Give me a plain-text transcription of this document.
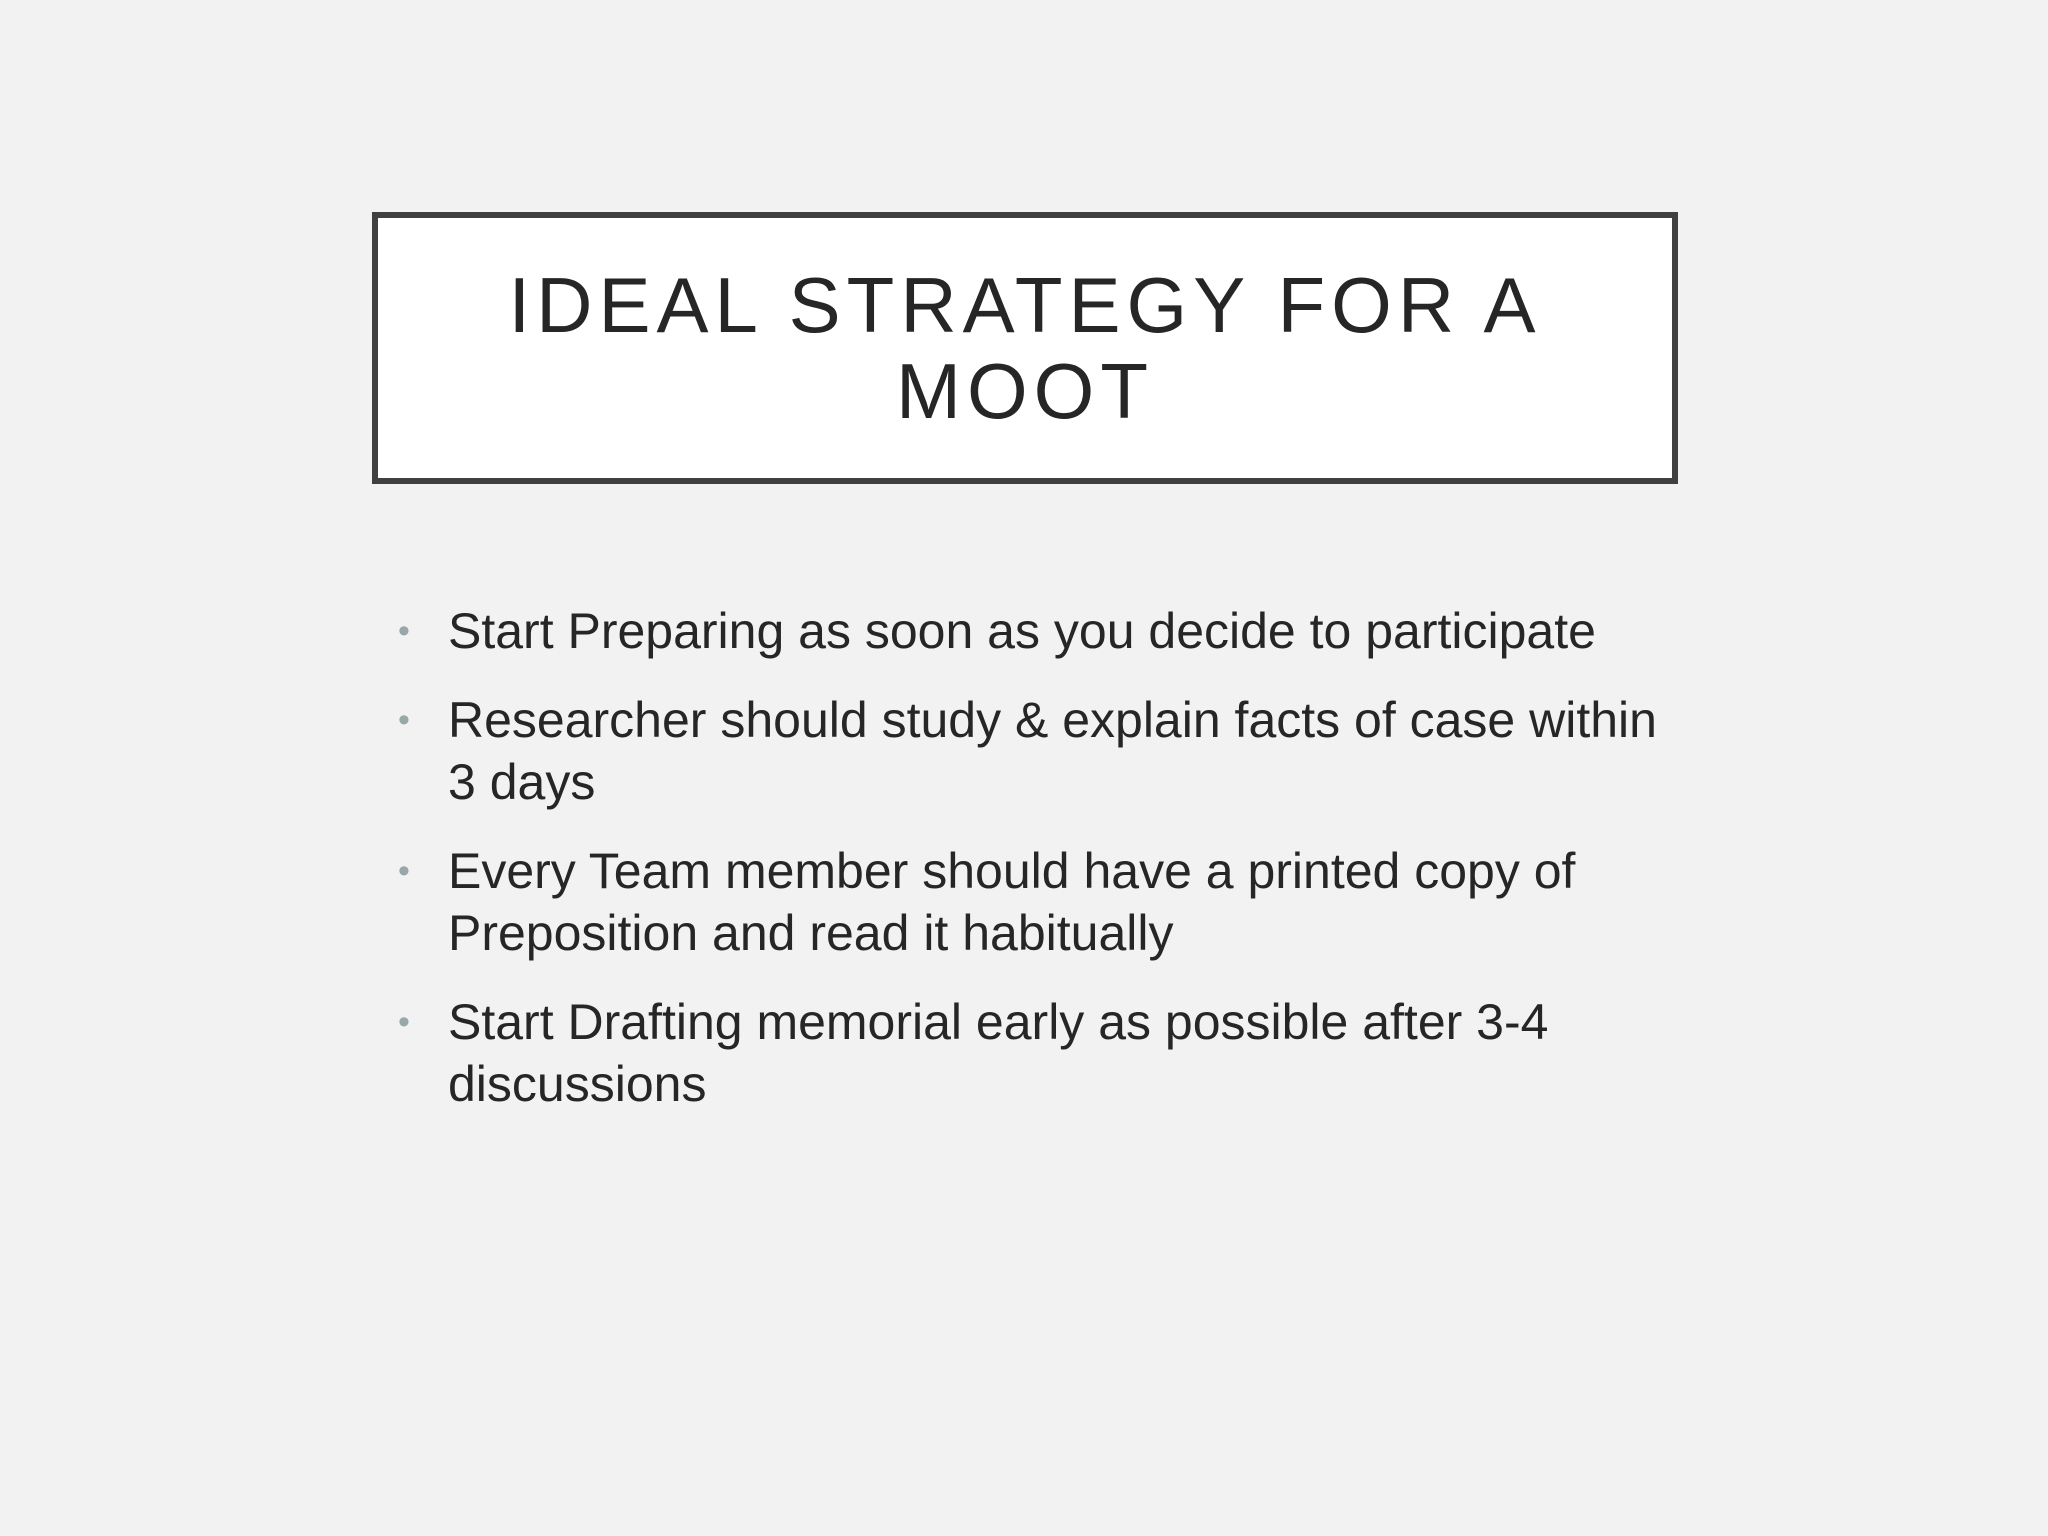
IDEAL STRATEGY FOR A MOOT
• Start Preparing as soon as you decide to participate
• Researcher should study & explain facts of case within 3 days
• Every Team member should have a printed copy of Preposition and read it habitually
• Start Drafting memorial early as possible after 3-4 discussions
